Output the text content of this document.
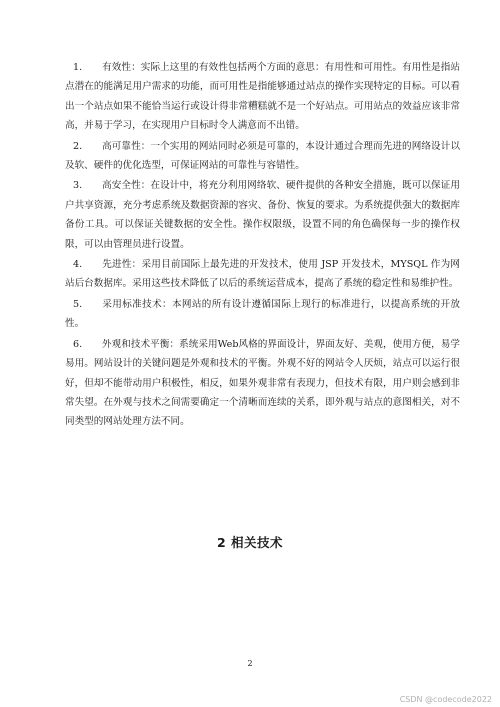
1. 有效性：实际上这里的有效性包括两个方面的意思：有用性和可用性。有用性是指站点潜在的能满足用户需求的功能，而可用性是指能够通过站点的操作实现特定的目标。可以看出一个站点如果不能恰当运行或设计得非常糟糕就不是一个好站点。可用站点的效益应该非常高，并易于学习，在实现用户目标时令人满意而不出错。

2. 高可靠性：一个实用的网站同时必须是可靠的，本设计通过合理而先进的网络设计以及软、硬件的优化选型，可保证网站的可靠性与容错性。

3. 高安全性：在设计中，将充分利用网络软、硬件提供的各种安全措施，既可以保证用户共享资源，充分考虑系统及数据资源的容灾、备份、恢复的要求。为系统提供强大的数据库备份工具。可以保证关键数据的安全性。操作权限级，设置不同的角色确保每一步的操作权限，可以由管理员进行设置。

4. 先进性：采用目前国际上最先进的开发技术，使用 JSP 开发技术，MYSQL 作为网站后台数据库。采用这些技术降低了以后的系统运营成本，提高了系统的稳定性和易维护性。

5. 采用标准技术：本网站的所有设计遵循国际上现行的标准进行，以提高系统的开放性。

6. 外观和技术平衡：系统采用Web风格的界面设计，界面友好、美观，使用方便，易学易用。网站设计的关键问题是外观和技术的平衡。外观不好的网站令人厌烦，站点可以运行很好，但却不能带动用户积极性，相反，如果外观非常有表现力，但技术有限，用户则会感到非常失望。在外观与技术之间需要确定一个清晰而连续的关系，即外观与站点的意图相关，对不同类型的网站处理方法不同。

2 相关技术
2
CSDN @codecode2022
